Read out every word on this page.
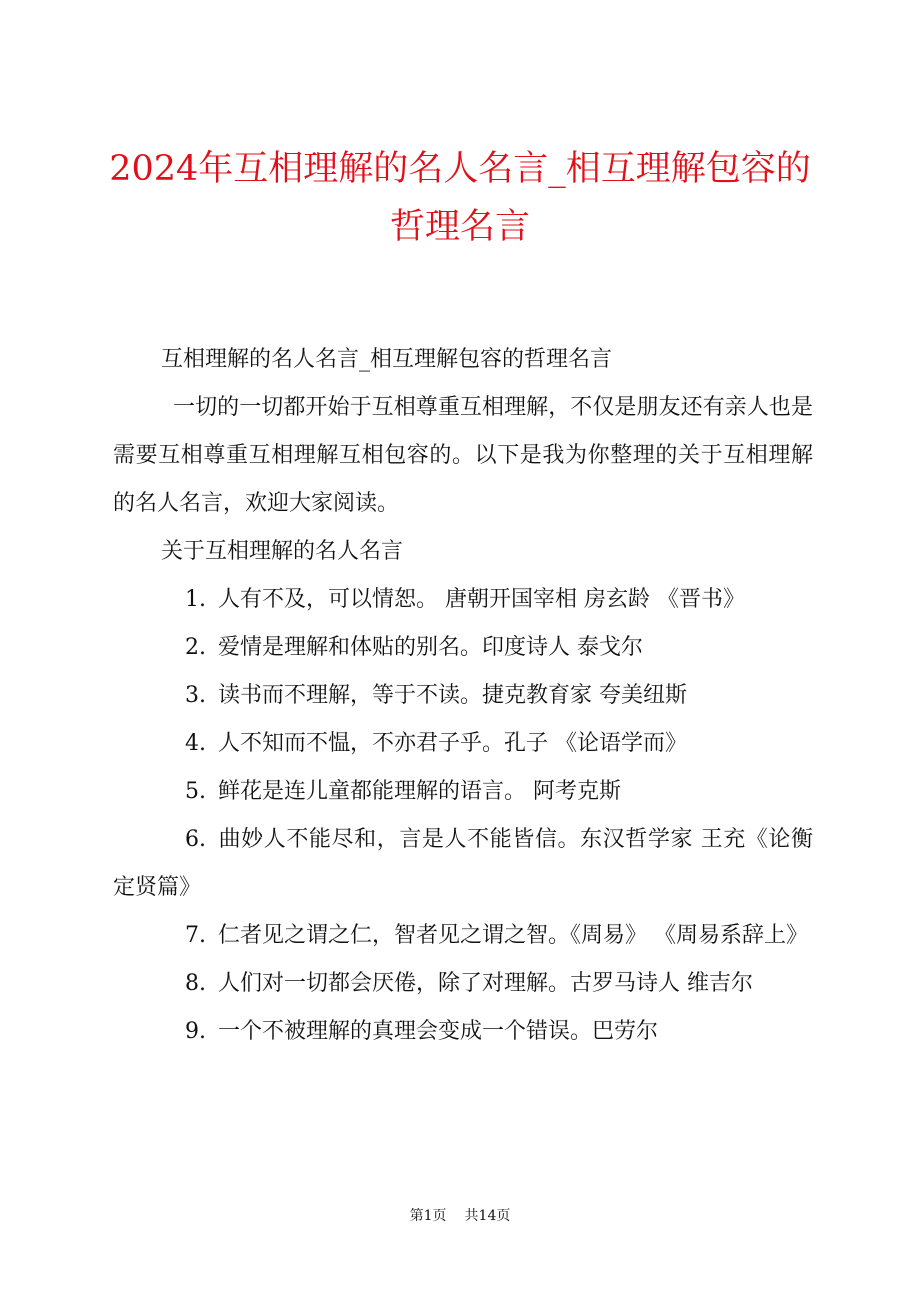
2024年互相理解的名人名言_相互理解包容的
哲理名言

互相理解的名人名言_相互理解包容的哲理名言

一切的一切都开始于互相尊重互相理解，不仅是朋友还有亲人也是需要互相尊重互相理解互相包容的。以下是我为你整理的关于互相理解的名人名言，欢迎大家阅读。

关于互相理解的名人名言

1. 人有不及，可以情恕。 唐朝开国宰相 房玄龄 《晋书》

2. 爱情是理解和体贴的别名。印度诗人 泰戈尔

3. 读书而不理解，等于不读。捷克教育家 夸美纽斯

4. 人不知而不愠，不亦君子乎。孔子 《论语学而》

5. 鲜花是连儿童都能理解的语言。 阿考克斯

6. 曲妙人不能尽和，言是人不能皆信。东汉哲学家 王充《论衡定贤篇》

7. 仁者见之谓之仁，智者见之谓之智。《周易》 《周易系辞上》

8. 人们对一切都会厌倦，除了对理解。古罗马诗人 维吉尔

9. 一个不被理解的真理会变成一个错误。巴劳尔

第1页 共14页
